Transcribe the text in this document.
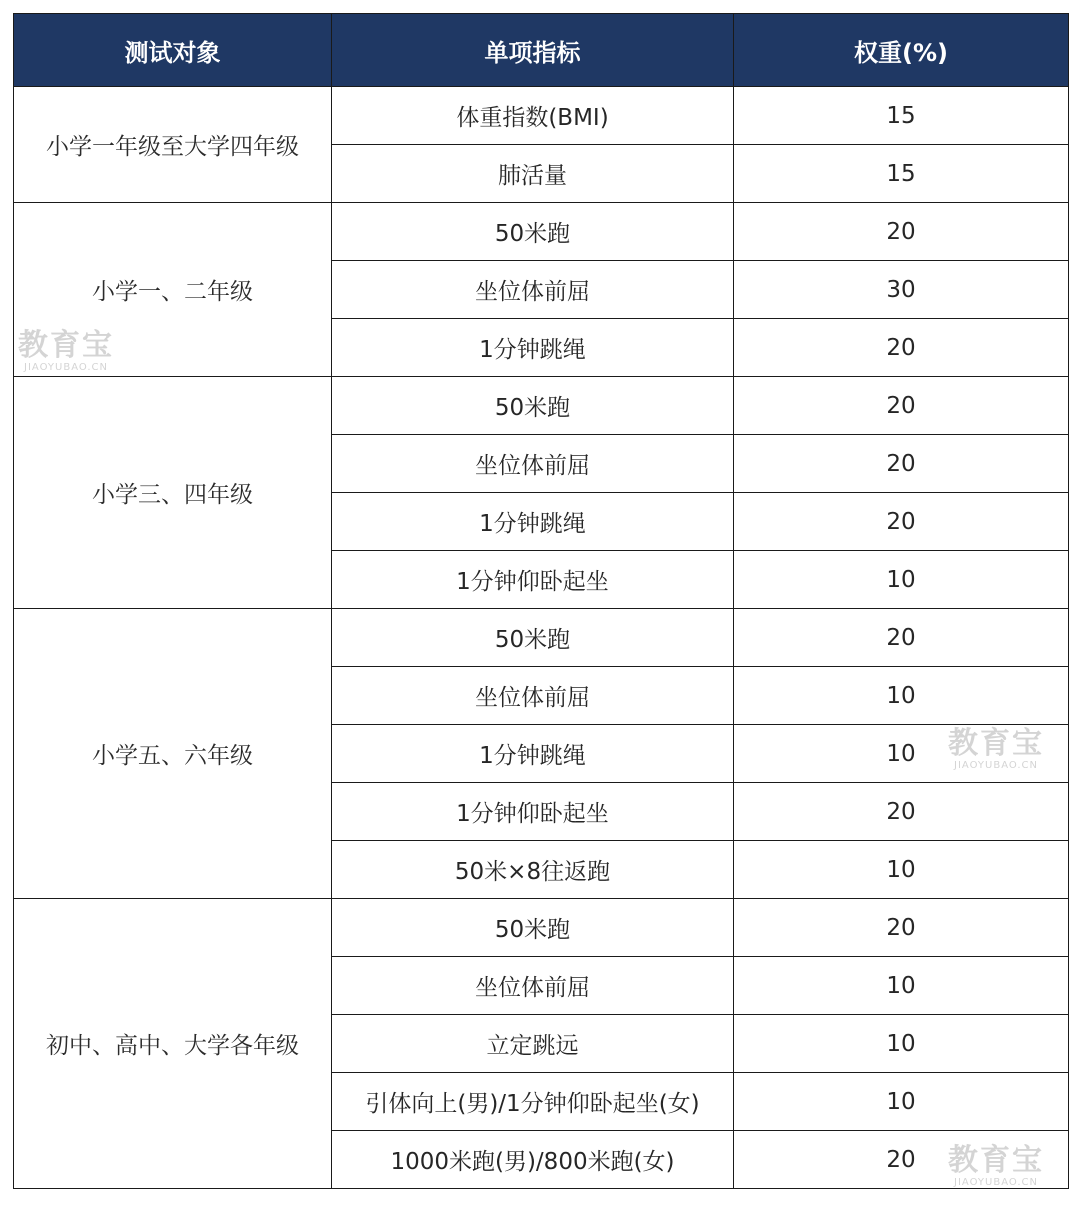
测试对象	单项指标	权重(%)
小学一年级至大学四年级	体重指数(BMI)	15
	肺活量	15
小学一、二年级	50米跑	20
	坐位体前屈	30
	1分钟跳绳	20
小学三、四年级	50米跑	20
	坐位体前屈	20
	1分钟跳绳	20
	1分钟仰卧起坐	10
小学五、六年级	50米跑	20
	坐位体前屈	10
	1分钟跳绳	10
	1分钟仰卧起坐	20
	50米×8往返跑	10
初中、高中、大学各年级	50米跑	20
	坐位体前屈	10
	立定跳远	10
	引体向上(男)/1分钟仰卧起坐(女)	10
	1000米跑(男)/800米跑(女)	20
教育宝
JIAOYUBAO.CN
教育宝
JIAOYUBAO.CN
教育宝
JIAOYUBAO.CN
